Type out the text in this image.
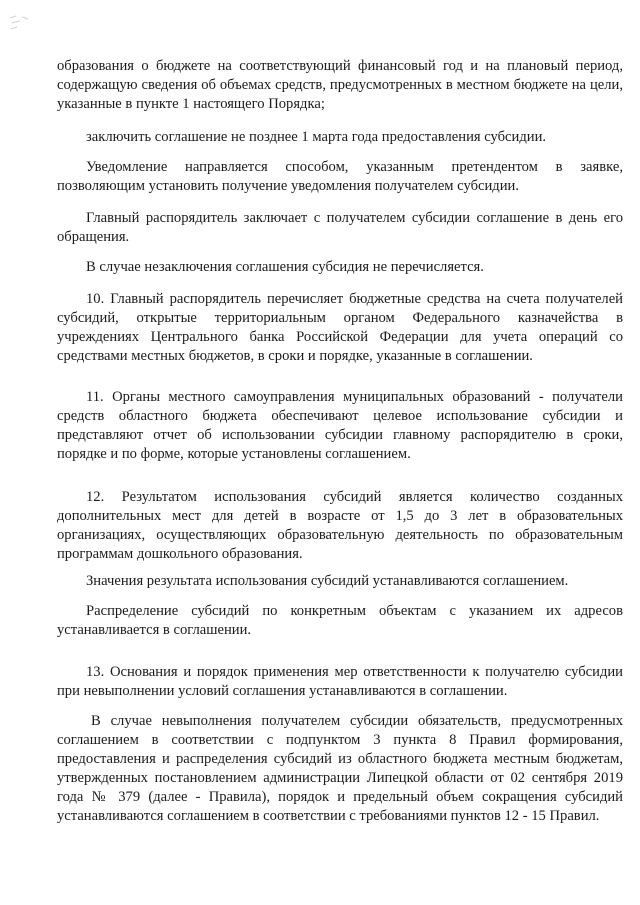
образования о бюджете на соответствующий финансовый год и на плановый период, содержащую сведения об объемах средств, предусмотренных в местном бюджете на цели, указанные в пункте 1 настоящего Порядка;

заключить соглашение не позднее 1 марта года предоставления субсидии.

Уведомление направляется способом, указанным претендентом в заявке, позволяющим установить получение уведомления получателем субсидии.

Главный распорядитель заключает с получателем субсидии соглашение в день его обращения.

В случае незаключения соглашения субсидия не перечисляется.

10. Главный распорядитель перечисляет бюджетные средства на счета получателей субсидий, открытые территориальным органом Федерального казначейства в учреждениях Центрального банка Российской Федерации для учета операций со средствами местных бюджетов, в сроки и порядке, указанные в соглашении.

11. Органы местного самоуправления муниципальных образований - получатели средств областного бюджета обеспечивают целевое использование субсидии и представляют отчет об использовании субсидии главному распорядителю в сроки, порядке и по форме, которые установлены соглашением.

12. Результатом использования субсидий является количество созданных дополнительных мест для детей в возрасте от 1,5 до 3 лет в образовательных организациях, осуществляющих образовательную деятельность по образовательным программам дошкольного образования.

Значения результата использования субсидий устанавливаются соглашением.

Распределение субсидий по конкретным объектам с указанием их адресов устанавливается в соглашении.

13. Основания и порядок применения мер ответственности к получателю субсидии при невыполнении условий соглашения устанавливаются в соглашении.

В случае невыполнения получателем субсидии обязательств, предусмотренных соглашением в соответствии с подпунктом 3 пункта 8 Правил формирования, предоставления и распределения субсидий из областного бюджета местным бюджетам, утвержденных постановлением администрации Липецкой области от 02 сентября 2019 года № 379 (далее - Правила), порядок и предельный объем сокращения субсидий устанавливаются соглашением в соответствии с требованиями пунктов 12 - 15 Правил.
